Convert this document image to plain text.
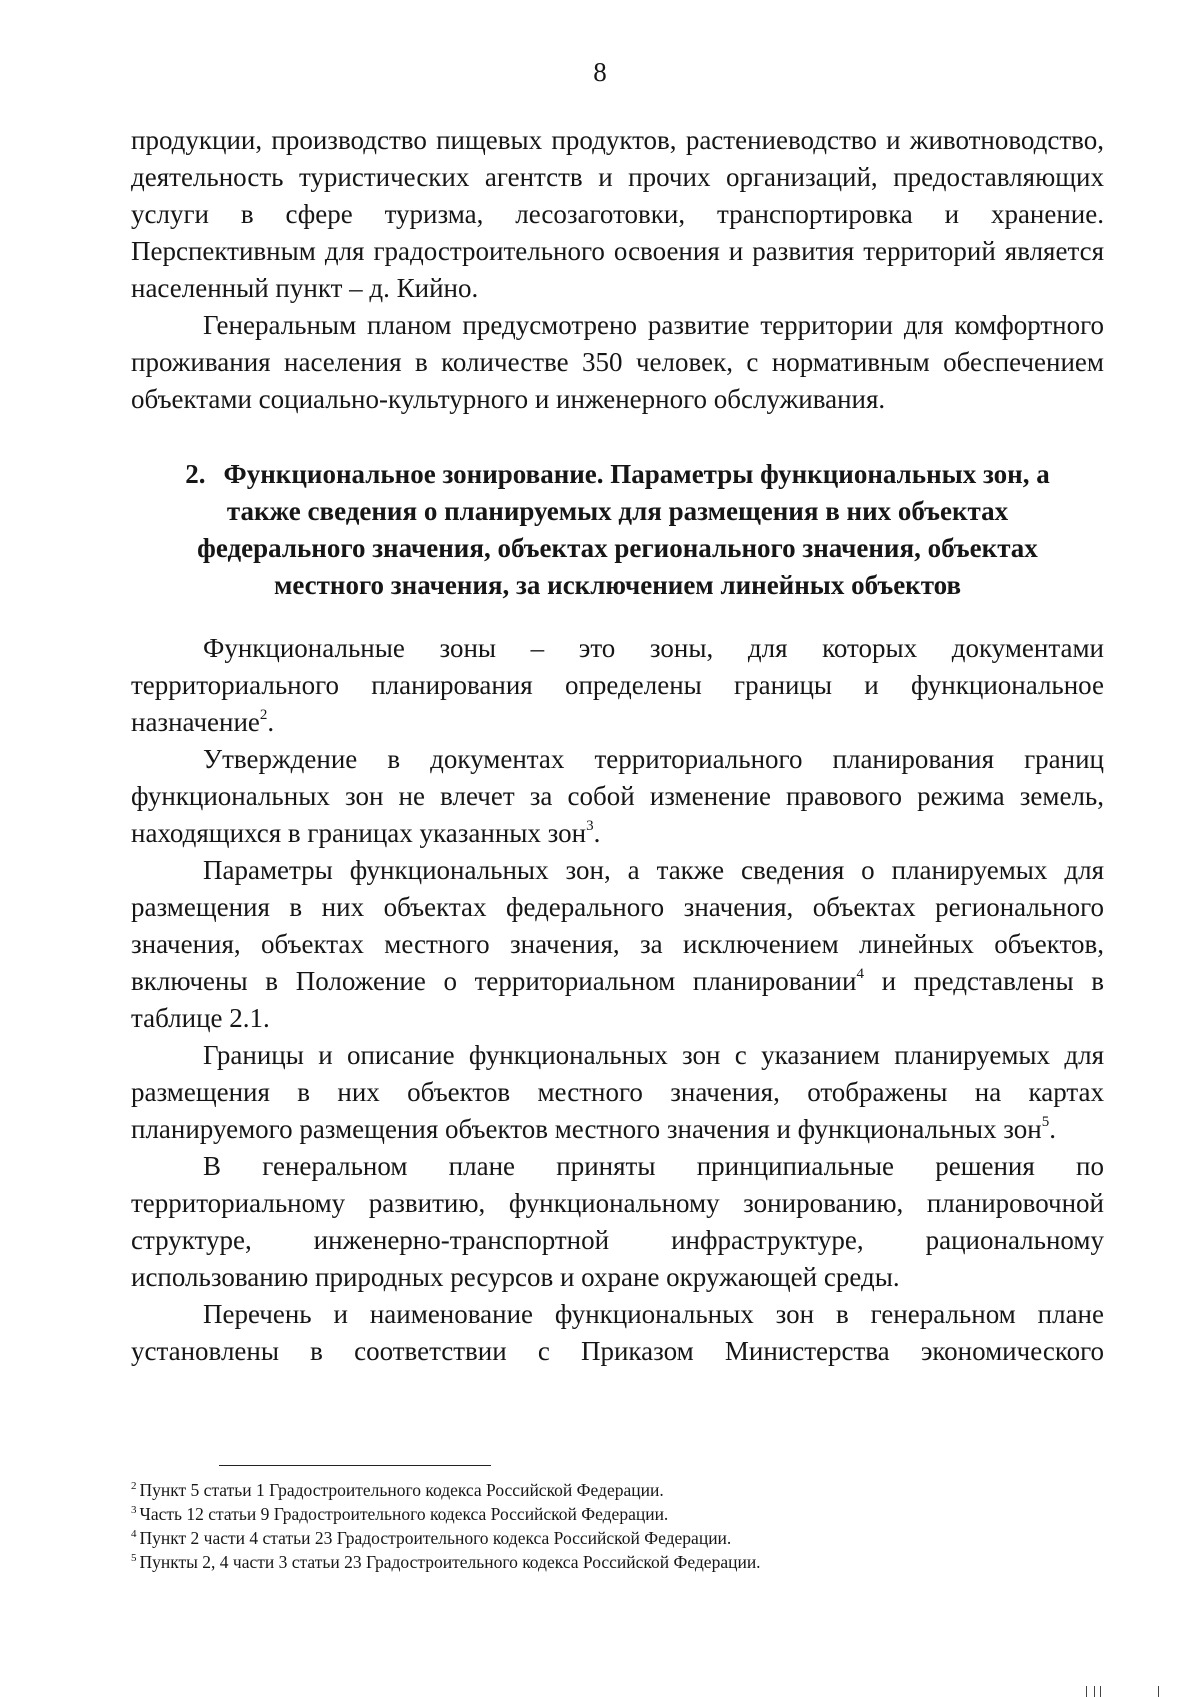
8

продукции, производство пищевых продуктов, растениеводство и животноводство, деятельность туристических агентств и прочих организаций, предоставляющих услуги в сфере туризма, лесозаготовки, транспортировка и хранение. Перспективным для градостроительного освоения и развития территорий является населенный пункт – д. Кийно.

Генеральным планом предусмотрено развитие территории для комфортного проживания населения в количестве 350 человек, с нормативным обеспечением объектами социально-культурного и инженерного обслуживания.

2. Функциональное зонирование. Параметры функциональных зон, а
также сведения о планируемых для размещения в них объектах
федерального значения, объектах регионального значения, объектах
местного значения, за исключением линейных объектов

Функциональные зоны – это зоны, для которых документами территориального планирования определены границы и функциональное назначение$^2$.

Утверждение в документах территориального планирования границ функциональных зон не влечет за собой изменение правового режима земель, находящихся в границах указанных зон$^3$.

Параметры функциональных зон, а также сведения о планируемых для размещения в них объектах федерального значения, объектах регионального значения, объектах местного значения, за исключением линейных объектов, включены в Положение о территориальном планировании$^4$ и представлены в таблице 2.1.

Границы и описание функциональных зон с указанием планируемых для размещения в них объектов местного значения, отображены на картах планируемого размещения объектов местного значения и функциональных зон$^5$.

В генеральном плане приняты принципиальные решения по территориальному развитию, функциональному зонированию, планировочной структуре, инженерно-транспортной инфраструктуре, рациональному использованию природных ресурсов и охране окружающей среды.

Перечень и наименование функциональных зон в генеральном плане установлены в соответствии с Приказом Министерства экономического

$^2$ Пункт 5 статьи 1 Градостроительного кодекса Российской Федерации.

$^3$ Часть 12 статьи 9 Градостроительного кодекса Российской Федерации.

$^4$ Пункт 2 части 4 статьи 23 Градостроительного кодекса Российской Федерации.

$^5$ Пункты 2, 4 части 3 статьи 23 Градостроительного кодекса Российской Федерации.
